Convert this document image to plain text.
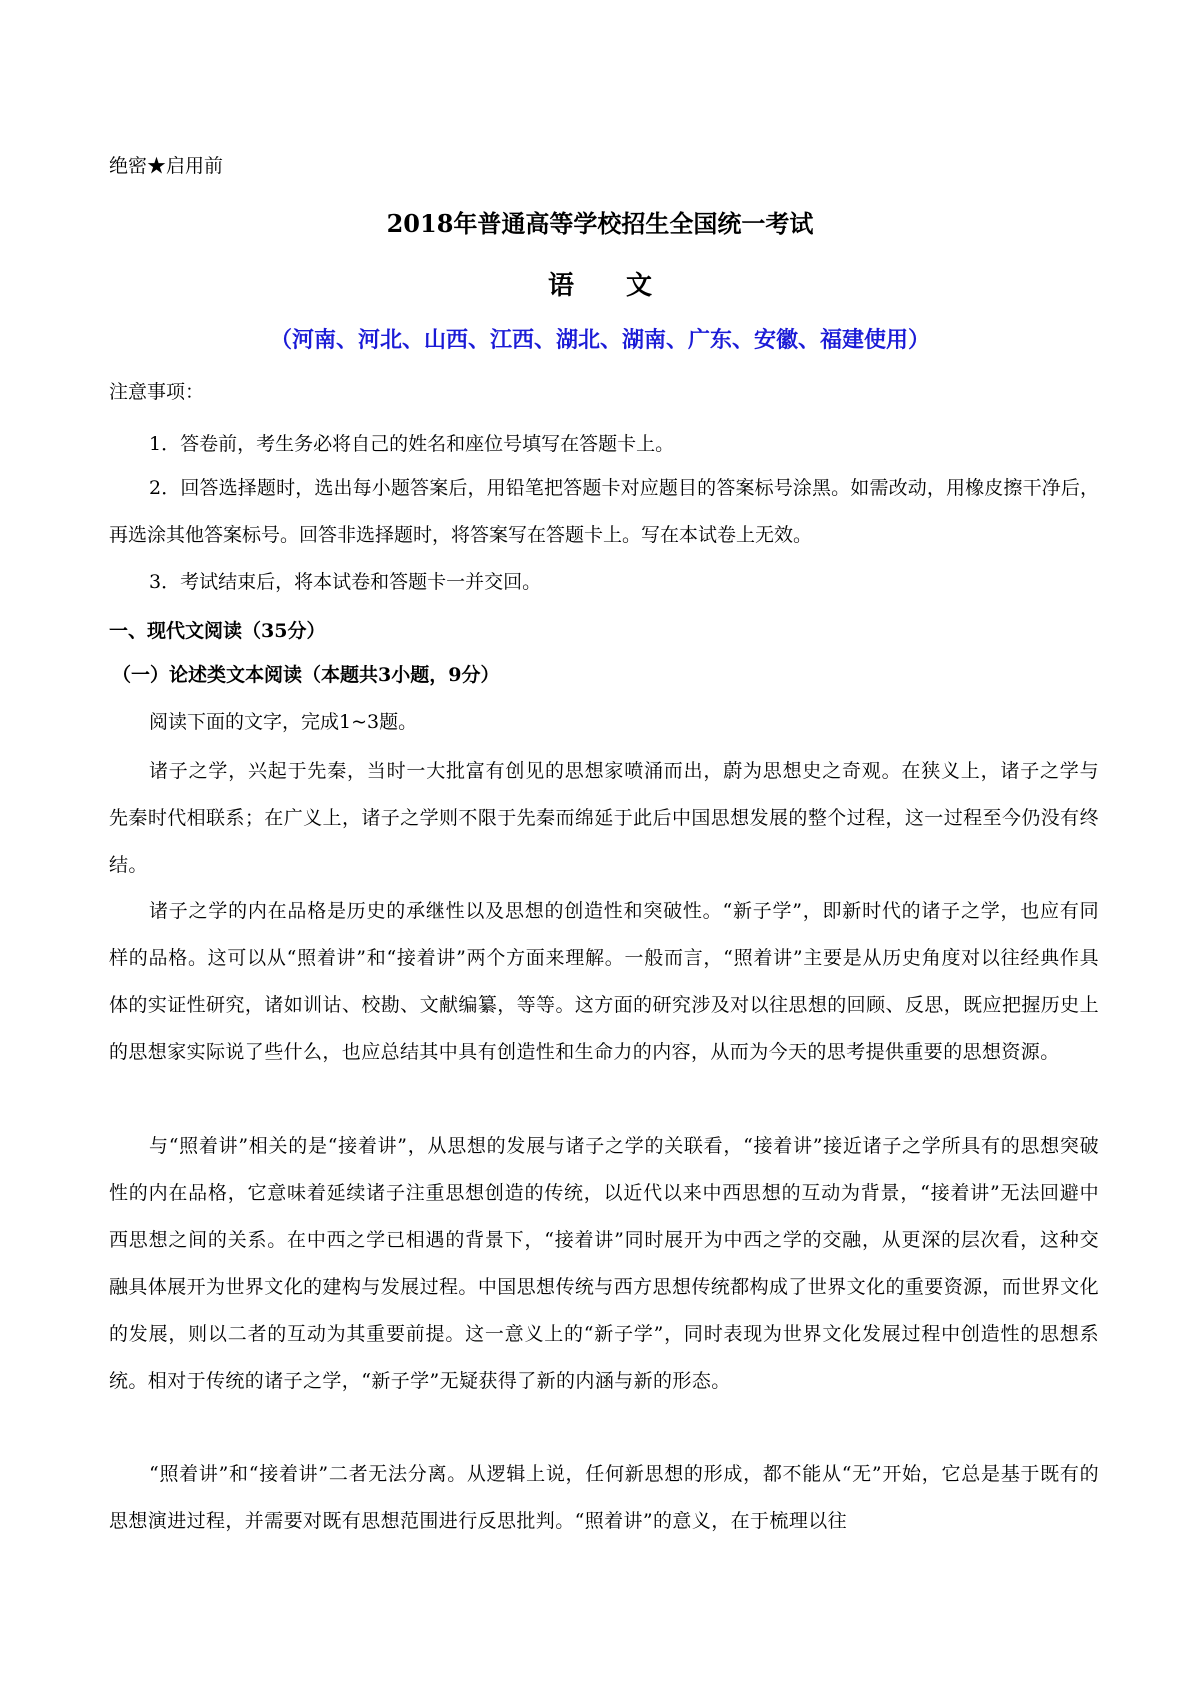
绝密★启用前
2018年普通高等学校招生全国统一考试
语　　文
（河南、河北、山西、江西、湖北、湖南、广东、安徽、福建使用）
注意事项：
1．答卷前，考生务必将自己的姓名和座位号填写在答题卡上。
2．回答选择题时，选出每小题答案后，用铅笔把答题卡对应题目的答案标号涂黑。如需改动，用橡皮擦干净后，再选涂其他答案标号。回答非选择题时，将答案写在答题卡上。写在本试卷上无效。
3．考试结束后，将本试卷和答题卡一并交回。
一、现代文阅读（35分）
（一）论述类文本阅读（本题共3小题，9分）
阅读下面的文字，完成1~3题。
诸子之学，兴起于先秦，当时一大批富有创见的思想家喷涌而出，蔚为思想史之奇观。在狭义上，诸子之学与先秦时代相联系；在广义上，诸子之学则不限于先秦而绵延于此后中国思想发展的整个过程，这一过程至今仍没有终结。
诸子之学的内在品格是历史的承继性以及思想的创造性和突破性。“新子学”，即新时代的诸子之学，也应有同样的品格。这可以从“照着讲”和“接着讲”两个方面来理解。一般而言，“照着讲”主要是从历史角度对以往经典作具体的实证性研究，诸如训诂、校勘、文献编纂，等等。这方面的研究涉及对以往思想的回顾、反思，既应把握历史上的思想家实际说了些什么，也应总结其中具有创造性和生命力的内容，从而为今天的思考提供重要的思想资源。
与“照着讲”相关的是“接着讲”，从思想的发展与诸子之学的关联看，“接着讲”接近诸子之学所具有的思想突破性的内在品格，它意味着延续诸子注重思想创造的传统，以近代以来中西思想的互动为背景，“接着讲”无法回避中西思想之间的关系。在中西之学已相遇的背景下，“接着讲”同时展开为中西之学的交融，从更深的层次看，这种交融具体展开为世界文化的建构与发展过程。中国思想传统与西方思想传统都构成了世界文化的重要资源，而世界文化的发展，则以二者的互动为其重要前提。这一意义上的“新子学”，同时表现为世界文化发展过程中创造性的思想系统。相对于传统的诸子之学，“新子学”无疑获得了新的内涵与新的形态。
“照着讲”和“接着讲”二者无法分离。从逻辑上说，任何新思想的形成，都不能从“无”开始，它总是基于既有的思想演进过程，并需要对既有思想范围进行反思批判。“照着讲”的意义，在于梳理以往
